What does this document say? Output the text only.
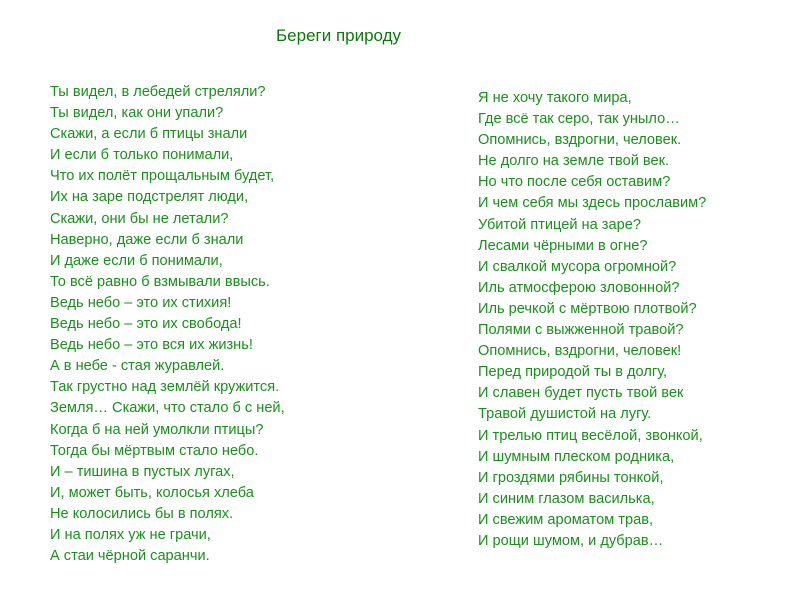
Береги природу
Ты видел, в лебедей стреляли?
Ты видел, как они упали?
Скажи, а если б птицы знали
И если б только понимали,
Что их полёт прощальным будет,
Их на заре подстрелят люди,
Скажи, они бы не летали?
Наверно, даже если б знали
И даже если б понимали,
То всё равно б взмывали ввысь.
Ведь небо – это их стихия!
Ведь небо – это их свобода!
Ведь небо – это вся их жизнь!
А в небе - стая журавлей.
Так грустно над землёй кружится.
Земля… Скажи, что стало б с ней,
Когда б на ней умолкли птицы?
Тогда бы мёртвым стало небо.
И – тишина в пустых лугах,
И, может быть, колосья хлеба
Не колосились бы в полях.
И на полях уж не грачи,
А стаи чёрной саранчи.
Я не хочу такого мира,
Где всё так серо, так уныло…
Опомнись, вздрогни, человек.
Не долго на земле твой век.
Но что после себя оставим?
И чем себя мы здесь прославим?
Убитой птицей на заре?
Лесами чёрными в огне?
И свалкой мусора огромной?
Иль атмосферою зловонной?
Иль речкой с мёртвою плотвой?
Полями с выжженной травой?
Опомнись, вздрогни, человек!
Перед природой ты в долгу,
И славен будет пусть твой век
Травой душистой на лугу.
И трелью птиц весёлой, звонкой,
И шумным плеском родника,
И гроздями рябины тонкой,
И синим глазом василька,
И свежим ароматом трав,
И рощи шумом, и дубрав…
